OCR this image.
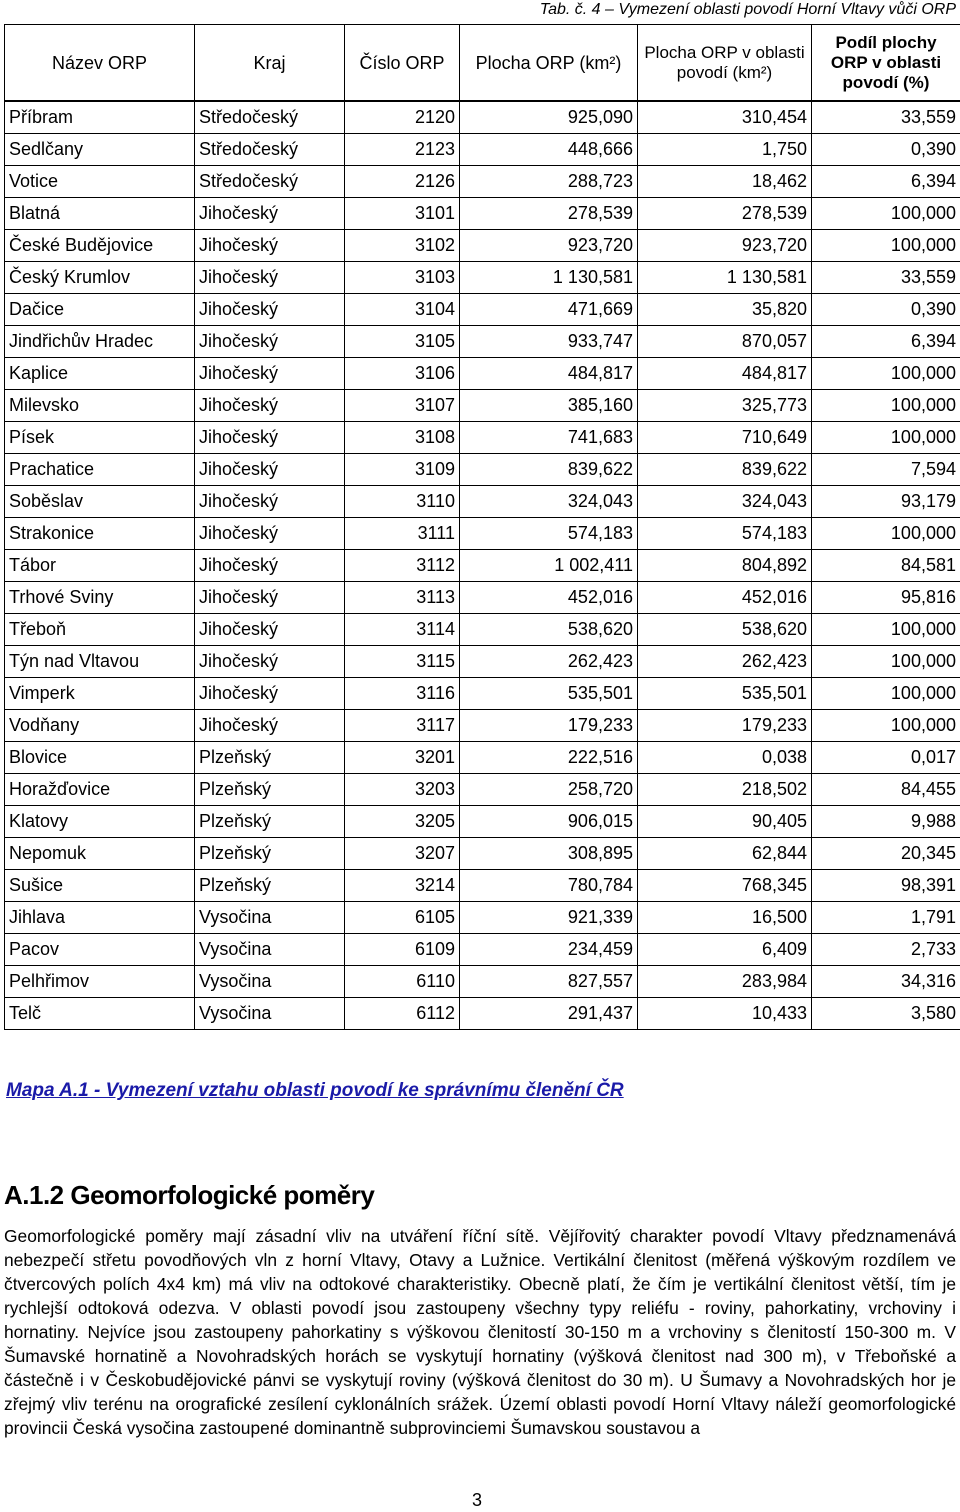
Tab. č. 4 – Vymezení oblasti povodí Horní Vltavy vůči ORP
Název ORP	Kraj	Číslo ORP	Plocha ORP (km²)	Plocha ORP v oblasti povodí (km²)	Podíl plochy ORP v oblasti povodí (%)
Příbram	Středočeský	2120	925,090	310,454	33,559
Sedlčany	Středočeský	2123	448,666	1,750	0,390
Votice	Středočeský	2126	288,723	18,462	6,394
Blatná	Jihočeský	3101	278,539	278,539	100,000
České Budějovice	Jihočeský	3102	923,720	923,720	100,000
Český Krumlov	Jihočeský	3103	1 130,581	1 130,581	33,559
Dačice	Jihočeský	3104	471,669	35,820	0,390
Jindřichův Hradec	Jihočeský	3105	933,747	870,057	6,394
Kaplice	Jihočeský	3106	484,817	484,817	100,000
Milevsko	Jihočeský	3107	385,160	325,773	100,000
Písek	Jihočeský	3108	741,683	710,649	100,000
Prachatice	Jihočeský	3109	839,622	839,622	7,594
Soběslav	Jihočeský	3110	324,043	324,043	93,179
Strakonice	Jihočeský	3111	574,183	574,183	100,000
Tábor	Jihočeský	3112	1 002,411	804,892	84,581
Trhové Sviny	Jihočeský	3113	452,016	452,016	95,816
Třeboň	Jihočeský	3114	538,620	538,620	100,000
Týn nad Vltavou	Jihočeský	3115	262,423	262,423	100,000
Vimperk	Jihočeský	3116	535,501	535,501	100,000
Vodňany	Jihočeský	3117	179,233	179,233	100,000
Blovice	Plzeňský	3201	222,516	0,038	0,017
Horažďovice	Plzeňský	3203	258,720	218,502	84,455
Klatovy	Plzeňský	3205	906,015	90,405	9,988
Nepomuk	Plzeňský	3207	308,895	62,844	20,345
Sušice	Plzeňský	3214	780,784	768,345	98,391
Jihlava	Vysočina	6105	921,339	16,500	1,791
Pacov	Vysočina	6109	234,459	6,409	2,733
Pelhřimov	Vysočina	6110	827,557	283,984	34,316
Telč	Vysočina	6112	291,437	10,433	3,580
Mapa A.1 - Vymezení vztahu oblasti povodí ke správnímu členění ČR
A.1.2 Geomorfologické poměry
Geomorfologické poměry mají zásadní vliv na utváření říční sítě. Vějířovitý charakter povodí Vltavy předznamenává nebezpečí střetu povodňových vln z horní Vltavy, Otavy a Lužnice. Vertikální členitost (měřená výškovým rozdílem ve čtvercových polích 4x4 km) má vliv na odtokové charakteristiky. Obecně platí, že čím je vertikální členitost větší, tím je rychlejší odtoková odezva. V oblasti povodí jsou zastoupeny všechny typy reliéfu - roviny, pahorkatiny, vrchoviny i hornatiny. Nejvíce jsou zastoupeny pahorkatiny s výškovou členitostí 30-150 m a vrchoviny s členitostí 150-300 m. V Šumavské hornatině a Novohradských horách se vyskytují hornatiny (výšková členitost nad 300 m), v Třeboňské a částečně i v Českobudějovické pánvi se vyskytují roviny (výšková členitost do 30 m). U Šumavy a Novohradských hor je zřejmý vliv terénu na orografické zesílení cyklonálních srážek. Území oblasti povodí Horní Vltavy náleží geomorfologické provincii Česká vysočina zastoupené dominantně subprovinciemi Šumavskou soustavou a
3
